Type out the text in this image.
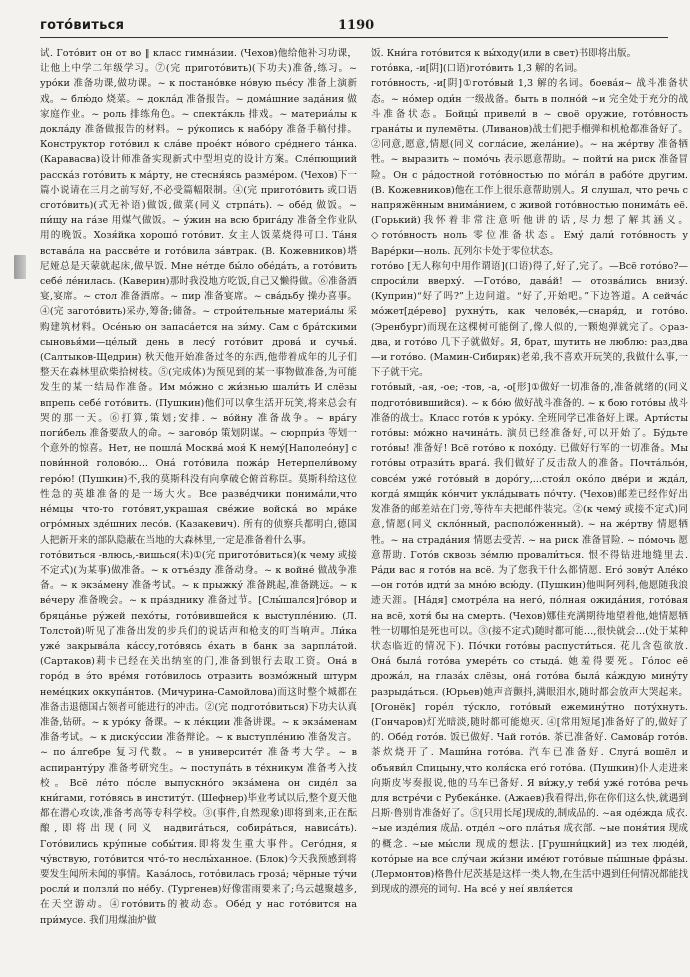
готóвиться	1190

试. Готóвит он от во ‖ класс гимна́зии. (Чехов)他给他补习功课，让他上中学二年级学习。⑦(完 пригото́вить)(下功夫)准备,练习。~ урóки 准备功课,做功课。~ к постанóвке нóвую пьéсу 准备上演新戏。~ блю́до 烧菜。~ докла́д 准备报告。~ дома́шние зада́ния 做家庭作业。~ роль 排练角色。~ спекта́кль 排戏。~ материа́лы к докла́ду 准备做报告的材料。~ рýкопись к набóру 准备手稿付排。Конструктор готóвил к сла́ве проéкт нóвого срéднего та́нка. (Каравасва)设计师准备实现新式中型坦克的设计方案。Слéпющиий расска́з готóвить к ма́рту, не стесня́ясь разме́ром. (Чехов)下一篇小说请在三月之前写好,不必受篇幅限制。④(完 пригото́вить 或口语 сгото́вить)(式无补语)做饭,做菜(同义 стрпа́ть). ~ обéд 做饭。~ пи́щу на га́зе 用煤气做饭。~ у́жин на всю брига́ду 准备全作业队用的晚饭。Хозя́йка хорошо́ готóвит. 女主人饭菜烧得可口. Та́ня встава́ла на рассвéте и готóвила за́втрак. (В. Кожевников)塔尼娅总是天蒙就起床,做早饭. Мне нéтде бы́ло обéда́ть, а готóвить себé ле́нилась. (Каверин)那时我没地方吃饭,自己又懒得做。⑥准备酒宴,宴席。~ стол 准备酒席。~ пир 准备宴席。~ сва́дьбу 操办喜事。④(完 заготóвить)采办,筹备;储备。~ строи́тельные материа́лы 采购建筑材料。Осéнью он запаса́ется на зи́му. Сам с бра́тскими сыновья́ми—цéлый день в лесу́ готóвит дрова́ и сучья́. (Салтыков-Щедрин) 秋天他开始准备过冬的东西,他带着成年的儿子们整天在森林里砍柴拾树枝。⑤(完成体)为预见到的某一事物做准备,为可能发生的某一结局作准备。Им мóжно с жи́знью шали́ть И слёзы впрепь себé готóвить. (Пушкин)他们可以拿生活开玩笑,将来总会有哭的那一天。⑥打算,策划;安排. ~ вóйну 准备战争。~ вра́гу поги́бель 准备要敌人的命。~ заговóр 策划阴谋。~ сюрпри́з 等划一个意外的惊喜。Нет, не пошла́ Москва́ моя́ К нему́[Наполео́ну] с пови́нной голово́ю... Она́ готóвила пожа́р Нетерпели́вому герóю! (Пушкин)不,我的莫斯科没有向拿破仑俯首称臣。莫斯科给这位性急的英雄准备的是一场大火。Все разве́дчики понима́ли,что нéмцы что-то готóвят,украшая свéжие войска́ во мра́ке огрóмных здéшних лесóв. (Казакевич). 所有的侦察兵都明白,德国人把新开来的部队隐蔽在当地的大森林里,一定是准备着什么事。

готóвиться -влюсь,-вишься(未)①(完 пригото́виться)(к чему 或接不定式)(为某事)做准备。~ к отъéзду 准备动身。~ к войнé 做战争准备。~ к экза́мену 准备考试。~ к прыжку́ 准备跳起,准备跳远。~ к вéчеру 准备晚会。~ к пра́зднику 准备过节。[Слы́шался]гóвор и бряца́нье ру́жей пехóты, готóвившейся к выступлéнию. (Л. Толстой)听见了准备出发的步兵们的说话声和枪支的叮当响声。Ли́ка ужé закрыва́ла ка́ссу,готóвясь éхать в банк за зарпла́той. (Сартаков)莉卡已经在关出纳室的门,准备到银行去取工资。Она́ в горóд в э́то врéмя готóвилось отразить возмóжный штурм немéцких оккупа́нтов. (Мичурина-Самойлова)而这时整个城都在准备击退德国占领者可能进行的冲击。②(完 подготóвиться)下功夫认真准备,钻研。~ к урóку 备课。~ к лéкции 准备讲课。~ к экза́менам 准备考试。~ к диску́ссии 准备辩论。~ к выступлéнию 准备发言。~ по а́лгебре 复习代数。~ в университéт 准备考大学。~ в аспиранту́ру 准备考研究生。~ поступа́ть в тéхникум 准备考入技校。Всё лéто пóсле выпускнóго экза́мена он сидéл за кни́гами, готóвясь в институ́т. (Шефнер)毕业考试以后,整个夏天他都在潜心攻读,准备考高等专科学校。③(事件,自然现象)即将到来,正在酝酿,即将出现(同义 надвига́ться, собира́ться, нависа́ть). Готóвились кру́пные собы́тия.即将发生重大事件。Сегóдня, я чу́вствую, готóвится чтó-то неслы́ханное. (Блок)今天我预感到将要发生闻所未闻的事情。Каза́лось, готóвилась гроза́; чёрные ту́чи росли́ и ползли́ по нéбу. (Тургенев)好像雷雨要来了;乌云越聚越多,在天空游动。④готóвить的被动态。Обéд у нас готóвится на при́мусе. 我们用煤油炉做

饭. Кни́га готóвится к вы́ходу(или в свет)书即将出版。

готóвка, -и[阴](口语)готóвить 1,3 解的名词。

готóвность, -и[阴]①готóвый 1,3 解的名词。боева́я~ 战斗准备状态。~ нóмер оди́н 一级战备。быть в полно́й ~и 完全处于充分的战斗准备状态。Бойцы́ привели́ в ~ своё оружие, гото́вность гранáты и пулемёты. (Ливанов)战士们把手榴弹和机枪都准备好了。②同意,愿意,情愿(同义 согла́сие, жела́ние)。~ на жéртву 准备牺牲。~ выразить ~ помо́чь 表示愿意帮助。~ пойти́ на риск 准备冒险。Он с ра́достной готóвностью по мóгáл в рабóте другим. (В. Кожевников)他在工作上很乐意帮助别人。Я слушал, что речь с напряжённым внима́нием, с живой готóвностью понима́ть её. (Горький)我怀着非常注意听他讲的话,尽力想了解其涵义。◇готóвность ноль 零位准备状态。Ему́ дали́ готóвность у Варе́рки—ноль. 瓦列尔卡处于零位状态。

готóво [无人称句中用作谓语](口语)得了,好了,完了。—Всё гото́во?—спроси́ли вверху́. —Гото́во, дава́й! — отозва́лись внизу́. (Куприн)“好了吗?”上边问道。“好了,开始吧。”下边答道。А сейча́с мóжет[дéрево] рухну́ть, как человéк,—снаря́д, и гото́во. (Эренбург)而现在这棵树可能倒了,像人似的,一颗炮弹就完了。◇раз-два, и готóво 几下子就做好。Я, брат, шутить не люблю: раз,два—и гото́во. (Мамин-Сибиряк)老弟,我不喜欢开玩笑的,我做什么事,一下子就干完。

готóвый, -ая, -ое; -тов, -а, -о[形]①做好一切准备的,准备就绪的(同义 подготóвившийся). ~ к бóю 做好战斗准备的. ~ к бою готóвы 战斗准备的战士。Класс готóв к урóку. 全班同学已准备好上课。Арти́сты готóвы: мóжно начина́ть. 演员已经准备好,可以开始了。Бу́дьте готóвы! 准备好! Всё готóво к похóду. 已做好行军的一切准备。Мы готóвы отрази́ть врага́. 我们做好了反击敌人的准备。Почта́льо́н, совсéм ужé готóвый в дорóгу,...стоя́л окóло двéри и жда́л, когда́ ямщи́к кóнчит укла́дывать пóчту. (Чехов)邮差已经作好出发准备的邮差站在门旁,等待车夫把邮件装完。②(к чему́ 或接不定式)同意,情愿(同义 склóнный, располóженный). ~ на жéртву 情愿牺牲。~ на страда́ния 情愿去受苦. ~ на риск 准备冒险. ~ пóмочь 愿意帮助. Готóв сквозь зéмлю провали́ться. 恨不得钻进地缝里去. Ра́ди вас я готóв на всё. 为了您我干什么都情愿. Его́ зову́т Алéко—он готóв идти́ за мнóю всю́ду. (Пушкин)他叫阿列科,他愿随我浪迹天涯。[На́дя] смотрéла на негó, пóлная ожида́ния, гото́вая на всё, хотя́ бы на смерть. (Чехов)娜佳充满期待地望着他,她情愿牺牲一切哪怕是死也可以。③(接不定式)随时都可能…,很快就会…(处于某种状态临近的情况下). Пóчки готóвы распусти́ться. 花儿含苞欲放. Она́ была́ готóва умерéть со стыда́. 她羞得要死。Гóлос её дрожа́л, на глаза́х слёзы, она́ готóва была́ ка́ждую минýту разрыда́ться. (Юрьев)她声音颤抖,满眼泪水,随时都会放声大哭起来。[Огонёк] горéл тýскло, готóвый ежемину́тно потýхнуть. (Гончаров)灯光暗淡,随时都可能熄灭. ④[常用短尾]准备好了的,做好了的. Обéд готóв. 饭已做好. Чай готóв. 茶已准备好. Самовáр готóв. 茶炊烧开了. Маши́на готóва. 汽车已准备好. Слуга́ вошёл и объяви́л Спицыну,что коля́ска его́ готóва. (Пушкин)仆人走进来向斯皮岑奏报说,他的马车已备好. Я ви́жу,у тебя́ ужé готóва речь для встрéчи с Рубека́нке. (Ажаев)我看得出,你在你们这么快,就遇到吕斯·鲁别肯准备好了。⑤[只用长尾]现成的,制成品的. ~ая одéжда 成衣. ~ые издéлия 成品. отдéл ~ого пла́тья 成衣部. ~ые поня́тия 现成的概念. ~ые мы́сли 现成的想法. [Грушни́цкий] из тех людéй, котóрые на все слу́чаи жи́зни имéют готóвые пы́шные фра́зы. (Лермонтов)格鲁什尼茨基是这样一类人物,在生活中遇到任何情况都能找到现成的漂亮的词句. На всé у неí явля́ется
